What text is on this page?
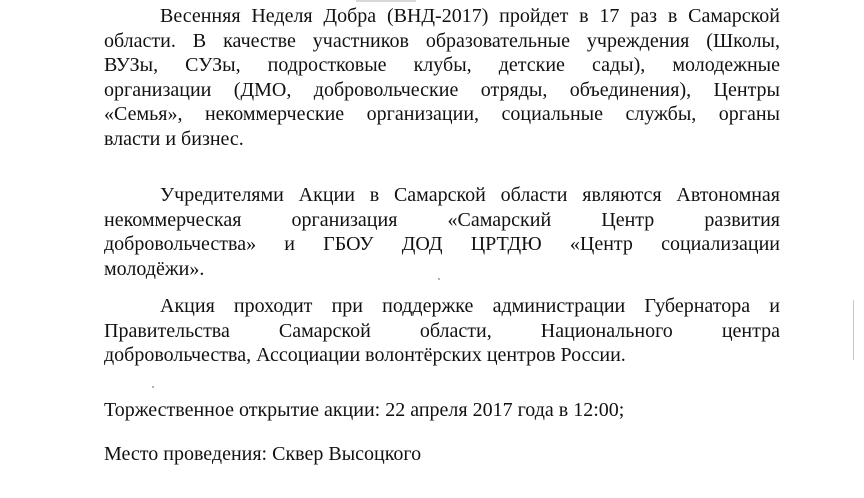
Весенняя Неделя Добра (ВНД-2017) пройдет в 17 раз в Самарской
области. В качестве участников образовательные учреждения (Школы,
ВУЗы, СУЗы, подростковые клубы, детские сады), молодежные
организации (ДМО, добровольческие отряды, объединения), Центры
«Семья», некоммерческие организации, социальные службы, органы
власти и бизнес.

Учредителями Акции в Самарской области являются Автономная
некоммерческая организация «Самарский Центр развития
добровольчества» и ГБОУ ДОД ЦРТДЮ «Центр социализации
молодёжи».

Акция проходит при поддержке администрации Губернатора и
Правительства Самарской области, Национального центра
добровольчества, Ассоциации волонтёрских центров России.

Торжественное открытие акции: 22 апреля 2017 года в 12:00;

Место проведения: Сквер Высоцкого
